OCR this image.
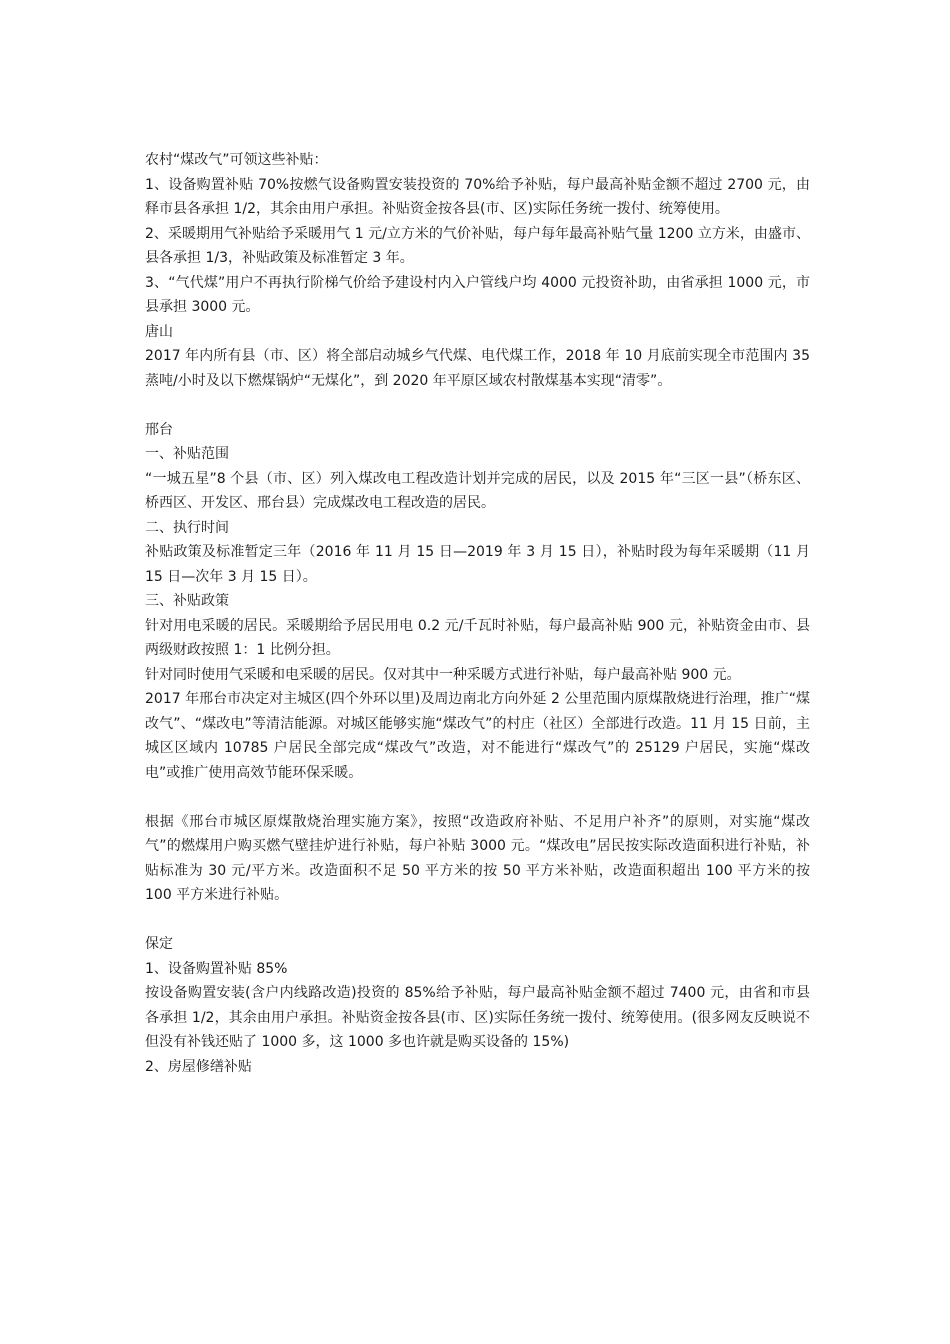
农村“煤改气”可领这些补贴：

1、设备购置补贴 70%按燃气设备购置安装投资的 70%给予补贴，每户最高补贴金额不超过 2700 元，由释市县各承担 1/2，其余由用户承担。补贴资金按各县(市、区)实际任务统一拨付、统筹使用。

2、采暖期用气补贴给予采暖用气 1 元/立方米的气价补贴，每户每年最高补贴气量 1200 立方米，由盛市、县各承担 1/3，补贴政策及标准暂定 3 年。

3、“气代煤”用户不再执行阶梯气价给予建设村内入户管线户均 4000 元投资补助，由省承担 1000 元，市县承担 3000 元。

唐山

2017 年内所有县（市、区）将全部启动城乡气代煤、电代煤工作，2018 年 10 月底前实现全市范围内 35 蒸吨/小时及以下燃煤锅炉“无煤化”，到 2020 年平原区域农村散煤基本实现“清零”。

邢台

一、补贴范围

“一城五星”8 个县（市、区）列入煤改电工程改造计划并完成的居民，以及 2015 年“三区一县”（桥东区、桥西区、开发区、邢台县）完成煤改电工程改造的居民。

二、执行时间

补贴政策及标准暂定三年（2016 年 11 月 15 日—2019 年 3 月 15 日），补贴时段为每年采暖期（11 月 15 日—次年 3 月 15 日）。

三、补贴政策

针对用电采暖的居民。采暖期给予居民用电 0.2 元/千瓦时补贴，每户最高补贴 900 元，补贴资金由市、县两级财政按照 1：1 比例分担。

针对同时使用气采暖和电采暖的居民。仅对其中一种采暖方式进行补贴，每户最高补贴 900 元。

2017 年邢台市决定对主城区(四个外环以里)及周边南北方向外延 2 公里范围内原煤散烧进行治理，推广“煤改气”、“煤改电”等清洁能源。对城区能够实施“煤改气”的村庄（社区）全部进行改造。11 月 15 日前，主城区区域内 10785 户居民全部完成“煤改气”改造，对不能进行“煤改气”的 25129 户居民，实施“煤改电”或推广使用高效节能环保采暖。

根据《邢台市城区原煤散烧治理实施方案》，按照“改造政府补贴、不足用户补齐”的原则，对实施“煤改气”的燃煤用户购买燃气壁挂炉进行补贴，每户补贴 3000 元。“煤改电”居民按实际改造面积进行补贴，补贴标准为 30 元/平方米。改造面积不足 50 平方米的按 50 平方米补贴，改造面积超出 100 平方米的按 100 平方米进行补贴。

保定

1、设备购置补贴 85%

按设备购置安装(含户内线路改造)投资的 85%给予补贴，每户最高补贴金额不超过 7400 元，由省和市县各承担 1/2，其余由用户承担。补贴资金按各县(市、区)实际任务统一拨付、统筹使用。(很多网友反映说不但没有补钱还贴了 1000 多，这 1000 多也许就是购买设备的 15%)

2、房屋修缮补贴
